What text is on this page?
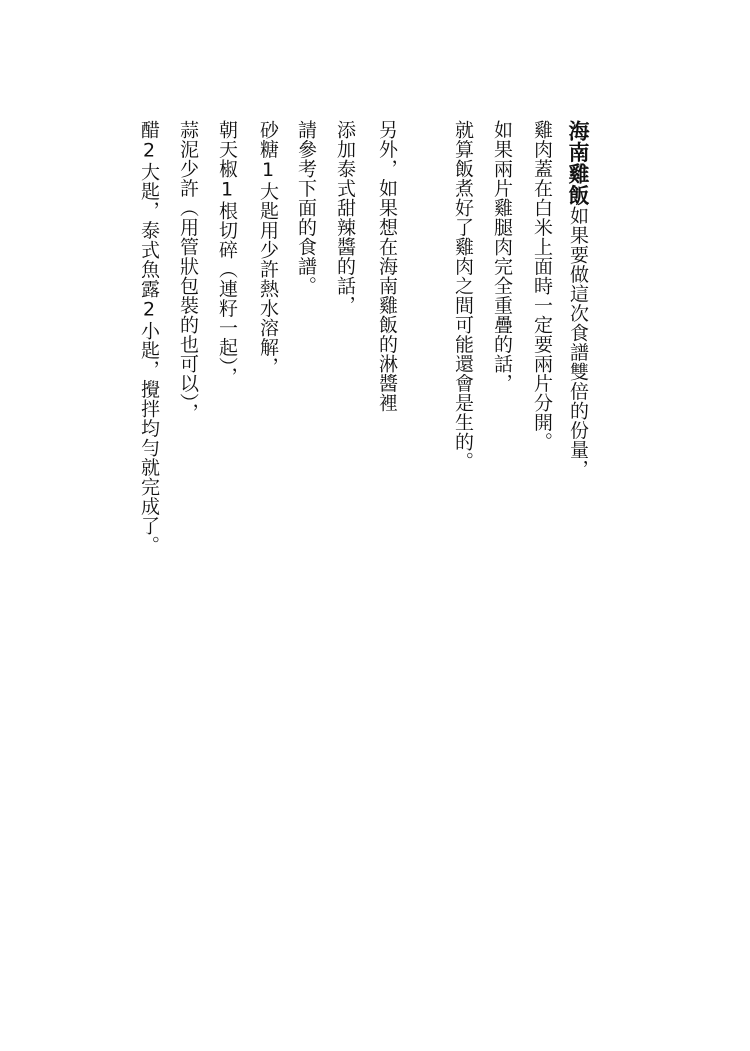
海南雞飯如果要做這次食譜雙倍的份量，
雞肉蓋在白米上面時一定要兩片分開。
如果兩片雞腿肉完全重疊的話，
就算飯煮好了雞肉之間可能還會是生的。
另外，如果想在海南雞飯的淋醬裡
添加泰式甜辣醬的話，
請參考下面的食譜。
砂糖1大匙用少許熱水溶解，
朝天椒1根切碎（連籽一起），
蒜泥少許（用管狀包裝的也可以），
醋2大匙，泰式魚露2小匙，攪拌均勻就完成了。
